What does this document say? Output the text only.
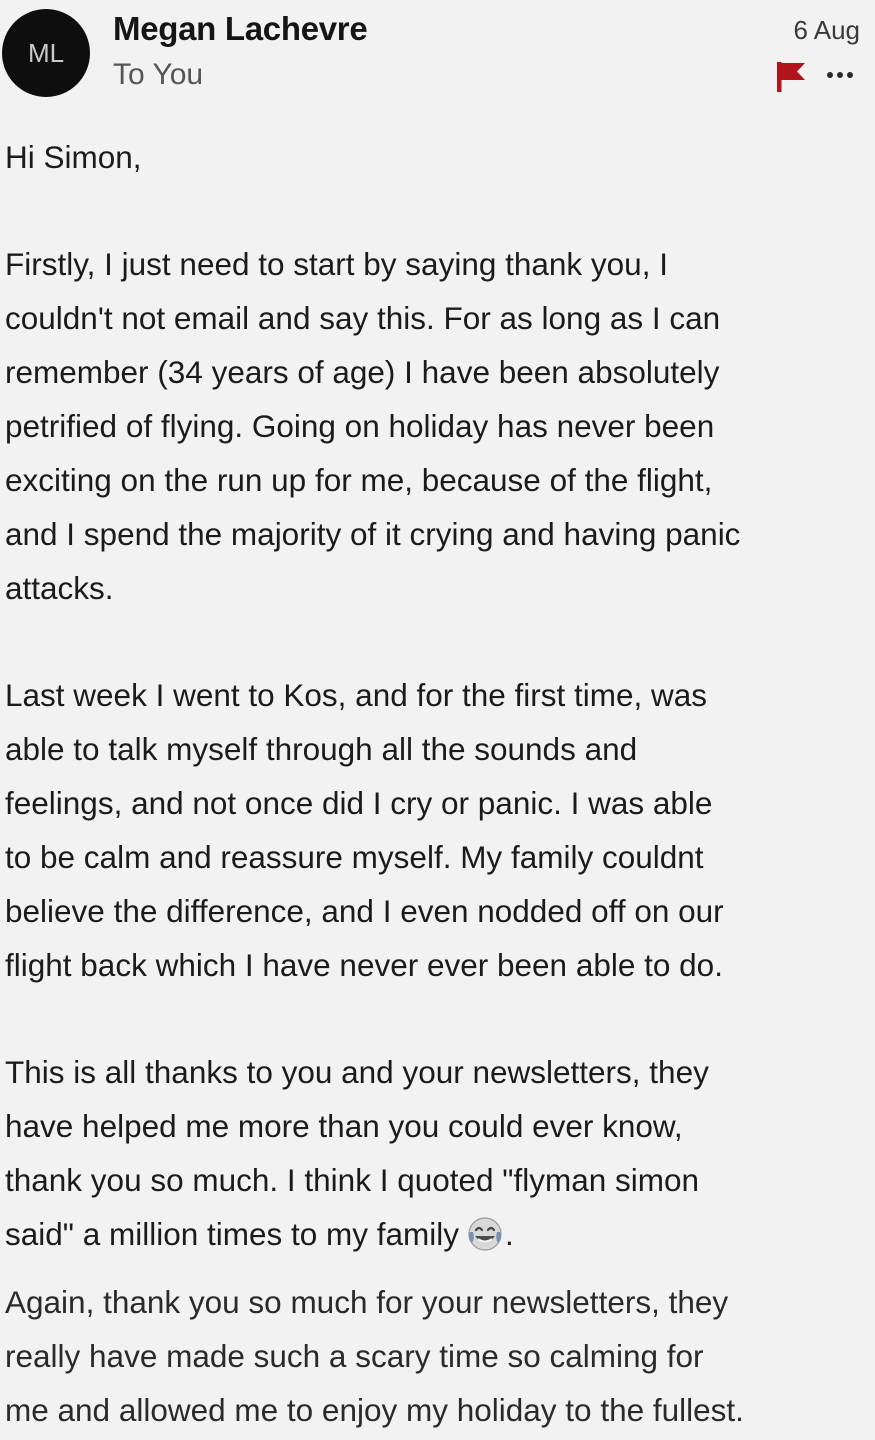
ML
Megan Lachevre
To You
6 Aug
Hi Simon,
Firstly, I just need to start by saying thank you, I
couldn't not email and say this. For as long as I can
remember (34 years of age) I have been absolutely
petrified of flying. Going on holiday has never been
exciting on the run up for me, because of the flight,
and I spend the majority of it crying and having panic
attacks.
Last week I went to Kos, and for the first time, was
able to talk myself through all the sounds and
feelings, and not once did I cry or panic. I was able
to be calm and reassure myself. My family couldnt
believe the difference, and I even nodded off on our
flight back which I have never ever been able to do.
This is all thanks to you and your newsletters, they
have helped me more than you could ever know,
thank you so much. I think I quoted "flyman simon
said" a million times to my family .
Again, thank you so much for your newsletters, they
really have made such a scary time so calming for
me and allowed me to enjoy my holiday to the fullest.
